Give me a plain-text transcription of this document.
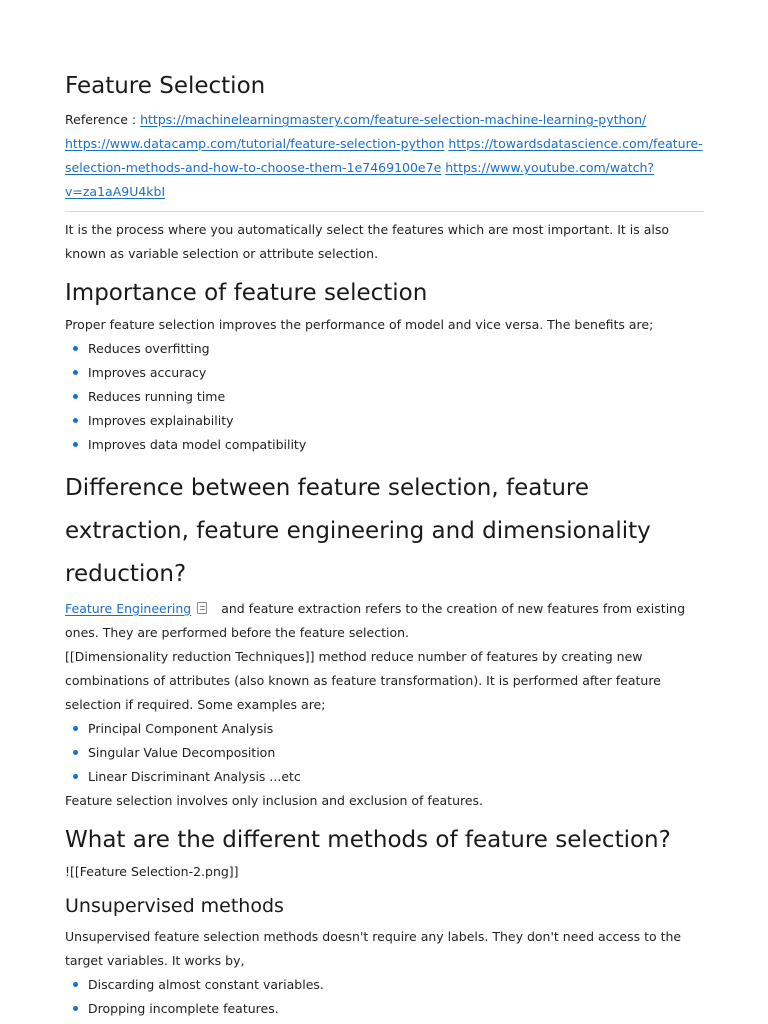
Feature Selection

Reference : https://machinelearningmastery.com/feature-selection-machine-learning-python/ https://www.datacamp.com/tutorial/feature-selection-python https://towardsdatascience.com/feature-selection-methods-and-how-to-choose-them-1e7469100e7e https://www.youtube.com/watch?v=za1aA9U4kbI

It is the process where you automatically select the features which are most important. It is also known as variable selection or attribute selection.

Importance of feature selection

Proper feature selection improves the performance of model and vice versa. The benefits are;

Reduces overfitting
Improves accuracy
Reduces running time
Improves explainability
Improves data model compatibility
Difference between feature selection, feature extraction, feature engineering and dimensionality reduction?

Feature Engineering and feature extraction refers to the creation of new features from existing ones. They are performed before the feature selection.

[[Dimensionality reduction Techniques]] method reduce number of features by creating new combinations of attributes (also known as feature transformation). It is performed after feature selection if required. Some examples are;

Principal Component Analysis
Singular Value Decomposition
Linear Discriminant Analysis ...etc

Feature selection involves only inclusion and exclusion of features.

What are the different methods of feature selection?

![[Feature Selection-2.png]]

Unsupervised methods

Unsupervised feature selection methods doesn't require any labels. They don't need access to the target variables. It works by,

Discarding almost constant variables.
Dropping incomplete features.
